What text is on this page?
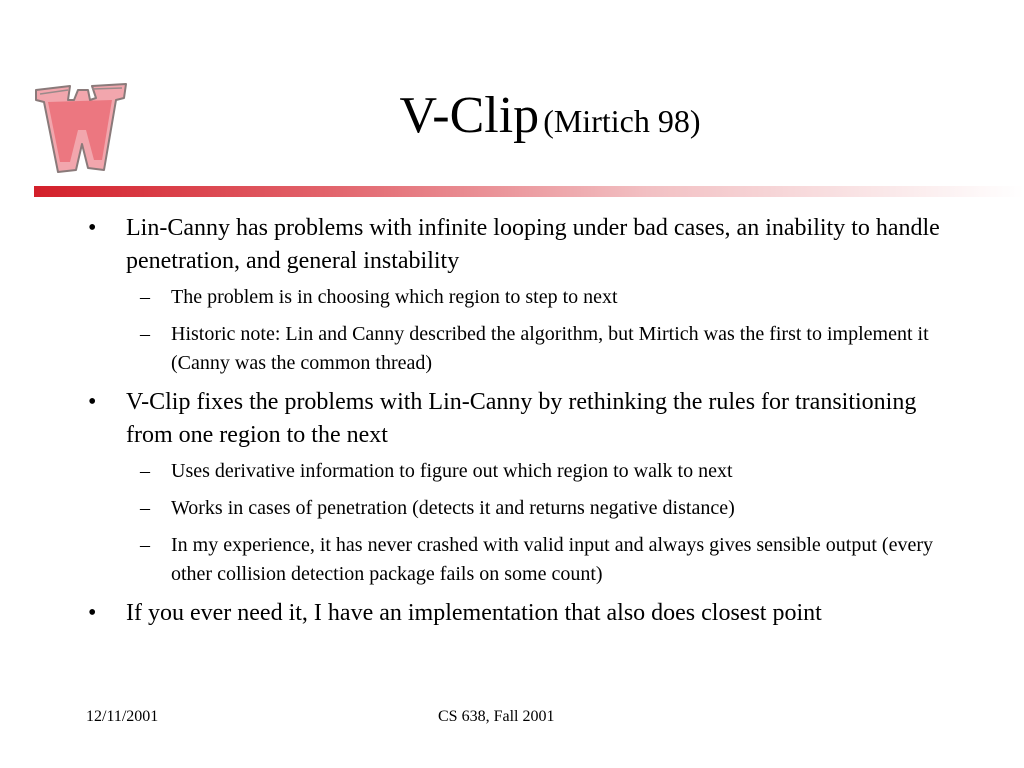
V-Clip (Mirtich 98)
• Lin-Canny has problems with infinite looping under bad cases, an inability to handle penetration, and general instability
– The problem is in choosing which region to step to next
– Historic note: Lin and Canny described the algorithm, but Mirtich was the first to implement it (Canny was the common thread)
• V-Clip fixes the problems with Lin-Canny by rethinking the rules for transitioning from one region to the next
– Uses derivative information to figure out which region to walk to next
– Works in cases of penetration (detects it and returns negative distance)
– In my experience, it has never crashed with valid input and always gives sensible output (every other collision detection package fails on some count)
• If you ever need it, I have an implementation that also does closest point
12/11/2001	CS 638, Fall 2001
